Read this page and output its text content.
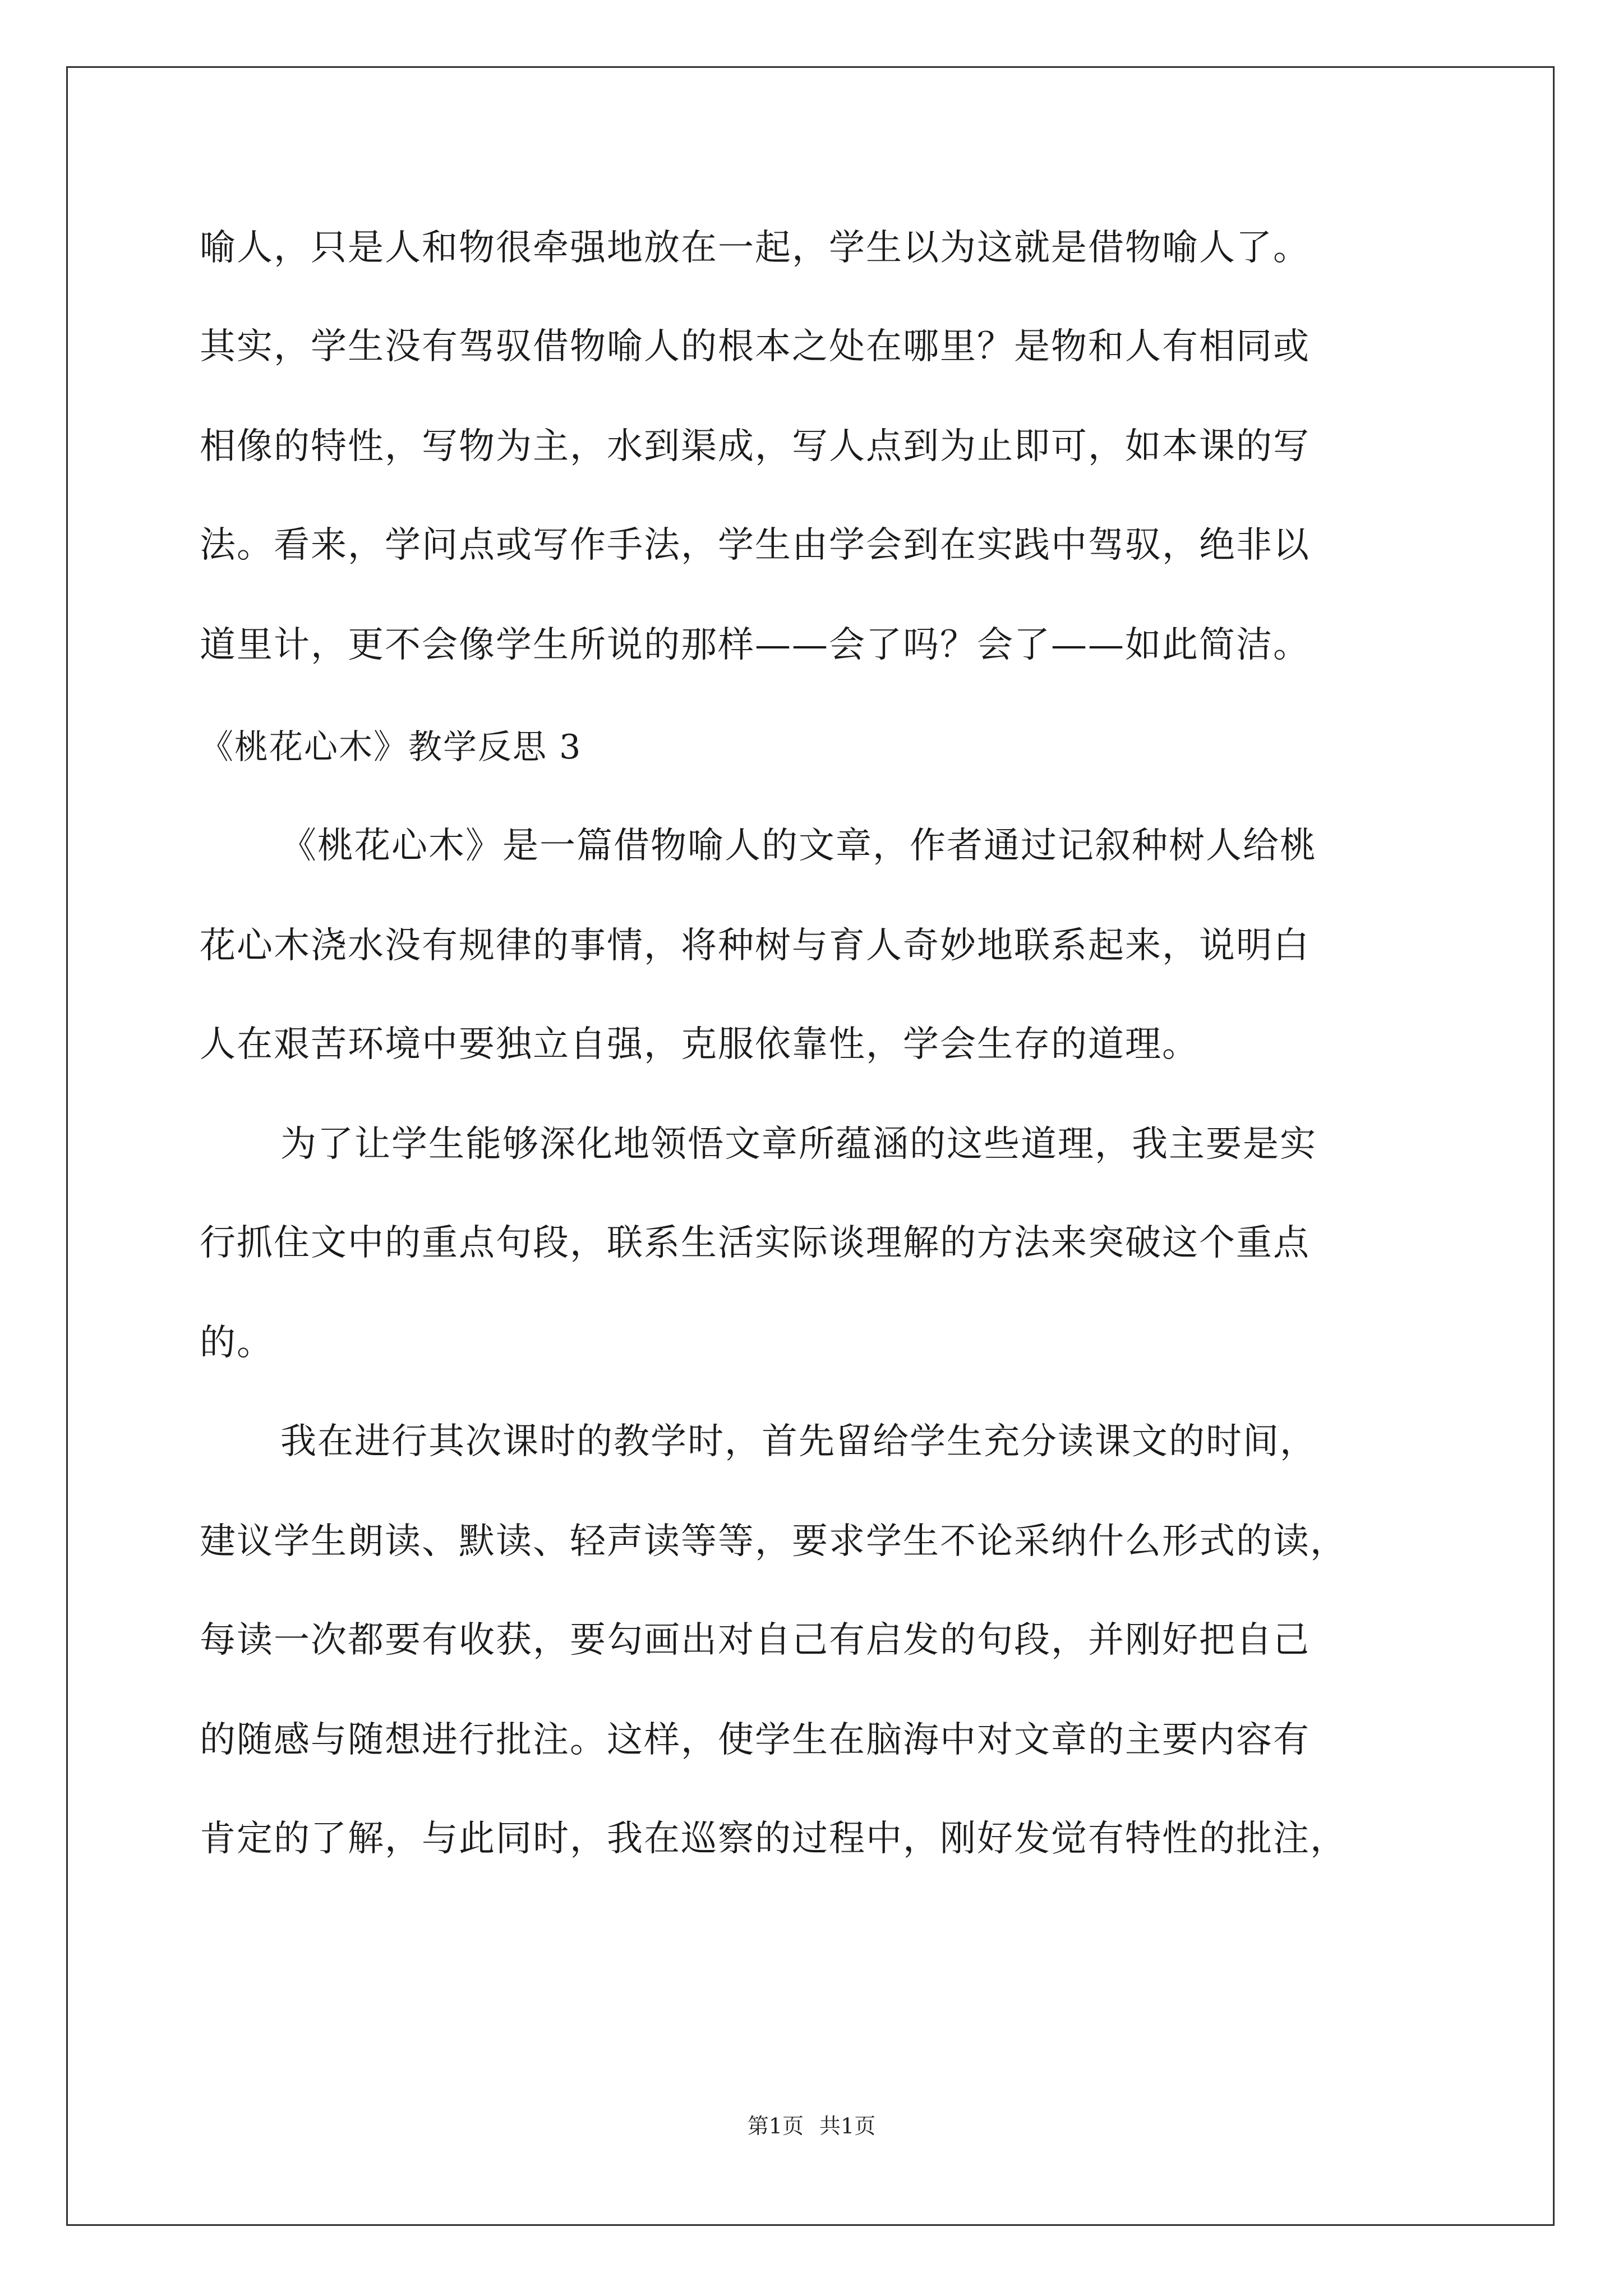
喻人，只是人和物很牵强地放在一起，学生以为这就是借物喻人了。

其实，学生没有驾驭借物喻人的根本之处在哪里？是物和人有相同或

相像的特性，写物为主，水到渠成，写人点到为止即可，如本课的写

法。看来，学问点或写作手法，学生由学会到在实践中驾驭，绝非以

道里计，更不会像学生所说的那样——会了吗？会了——如此简洁。

《桃花心木》教学反思 3

《桃花心木》是一篇借物喻人的文章，作者通过记叙种树人给桃

花心木浇水没有规律的事情，将种树与育人奇妙地联系起来，说明白

人在艰苦环境中要独立自强，克服依靠性，学会生存的道理。

为了让学生能够深化地领悟文章所蕴涵的这些道理，我主要是实

行抓住文中的重点句段，联系生活实际谈理解的方法来突破这个重点

的。

我在进行其次课时的教学时，首先留给学生充分读课文的时间，

建议学生朗读、默读、轻声读等等，要求学生不论采纳什么形式的读，

每读一次都要有收获，要勾画出对自己有启发的句段，并刚好把自己

的随感与随想进行批注。这样，使学生在脑海中对文章的主要内容有

肯定的了解，与此同时，我在巡察的过程中，刚好发觉有特性的批注，

第1页 共1页
